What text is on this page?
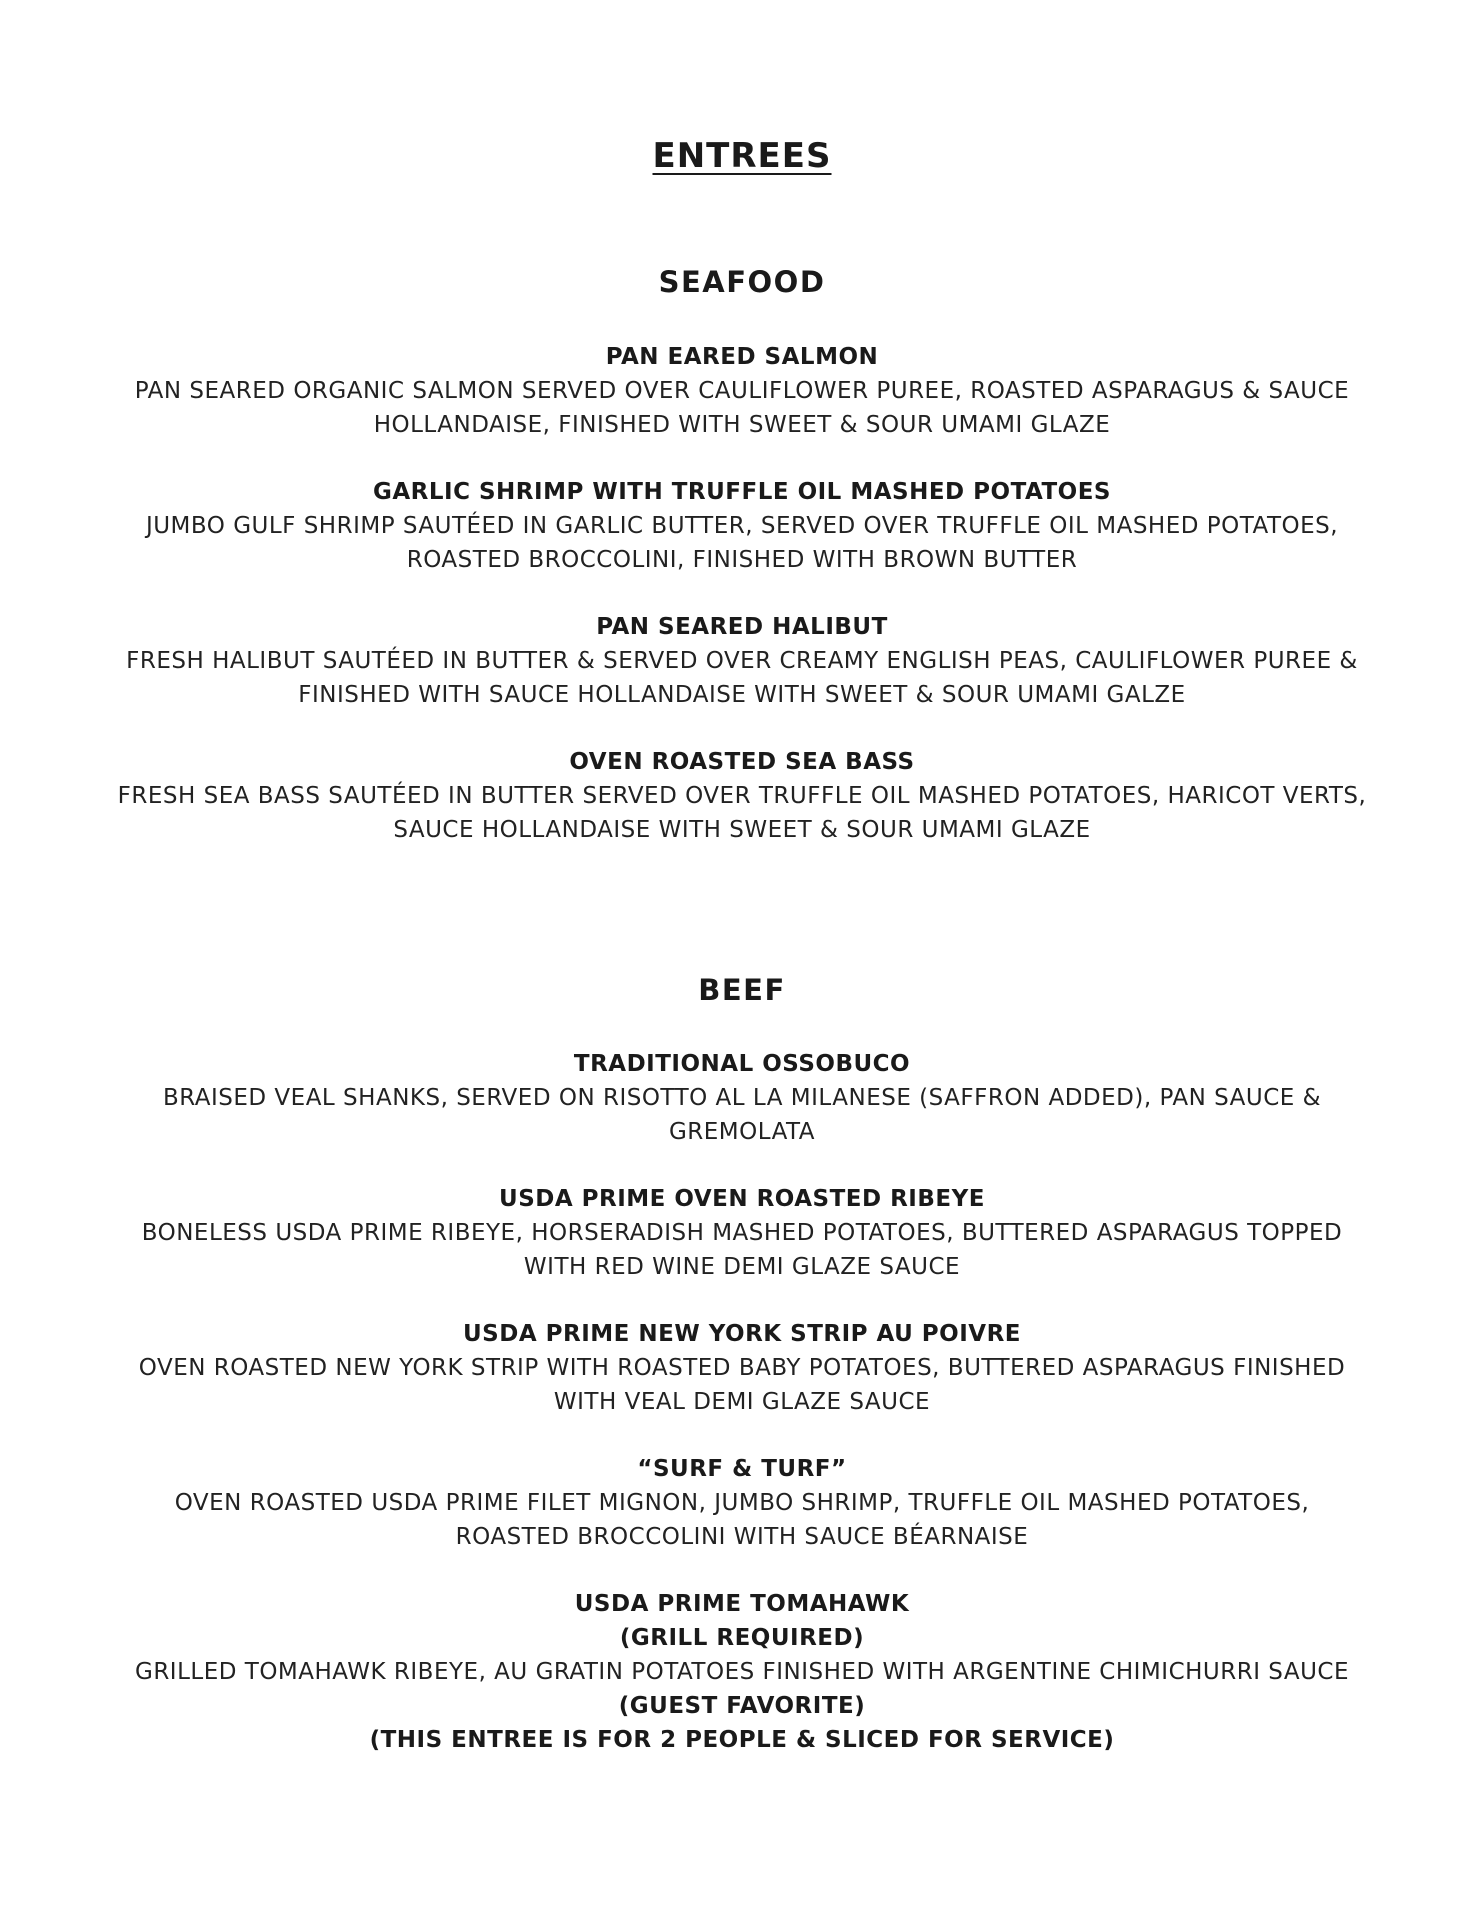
ENTREES
SEAFOOD

PAN EARED SALMON

PAN SEARED ORGANIC SALMON SERVED OVER CAULIFLOWER PUREE, ROASTED ASPARAGUS & SAUCE

HOLLANDAISE, FINISHED WITH SWEET & SOUR UMAMI GLAZE

GARLIC SHRIMP WITH TRUFFLE OIL MASHED POTATOES

JUMBO GULF SHRIMP SAUTÉED IN GARLIC BUTTER, SERVED OVER TRUFFLE OIL MASHED POTATOES,

ROASTED BROCCOLINI, FINISHED WITH BROWN BUTTER

PAN SEARED HALIBUT

FRESH HALIBUT SAUTÉED IN BUTTER & SERVED OVER CREAMY ENGLISH PEAS, CAULIFLOWER PUREE &

FINISHED WITH SAUCE HOLLANDAISE WITH SWEET & SOUR UMAMI GALZE

OVEN ROASTED SEA BASS

FRESH SEA BASS SAUTÉED IN BUTTER SERVED OVER TRUFFLE OIL MASHED POTATOES, HARICOT VERTS,

SAUCE HOLLANDAISE WITH SWEET & SOUR UMAMI GLAZE

BEEF

TRADITIONAL OSSOBUCO

BRAISED VEAL SHANKS, SERVED ON RISOTTO AL LA MILANESE (SAFFRON ADDED), PAN SAUCE &

GREMOLATA

USDA PRIME OVEN ROASTED RIBEYE

BONELESS USDA PRIME RIBEYE, HORSERADISH MASHED POTATOES, BUTTERED ASPARAGUS TOPPED

WITH RED WINE DEMI GLAZE SAUCE

USDA PRIME NEW YORK STRIP AU POIVRE

OVEN ROASTED NEW YORK STRIP WITH ROASTED BABY POTATOES, BUTTERED ASPARAGUS FINISHED

WITH VEAL DEMI GLAZE SAUCE

“SURF & TURF”

OVEN ROASTED USDA PRIME FILET MIGNON, JUMBO SHRIMP, TRUFFLE OIL MASHED POTATOES,

ROASTED BROCCOLINI WITH SAUCE BÉARNAISE

USDA PRIME TOMAHAWK

(GRILL REQUIRED)

GRILLED TOMAHAWK RIBEYE, AU GRATIN POTATOES FINISHED WITH ARGENTINE CHIMICHURRI SAUCE

(GUEST FAVORITE)

(THIS ENTREE IS FOR 2 PEOPLE & SLICED FOR SERVICE)
